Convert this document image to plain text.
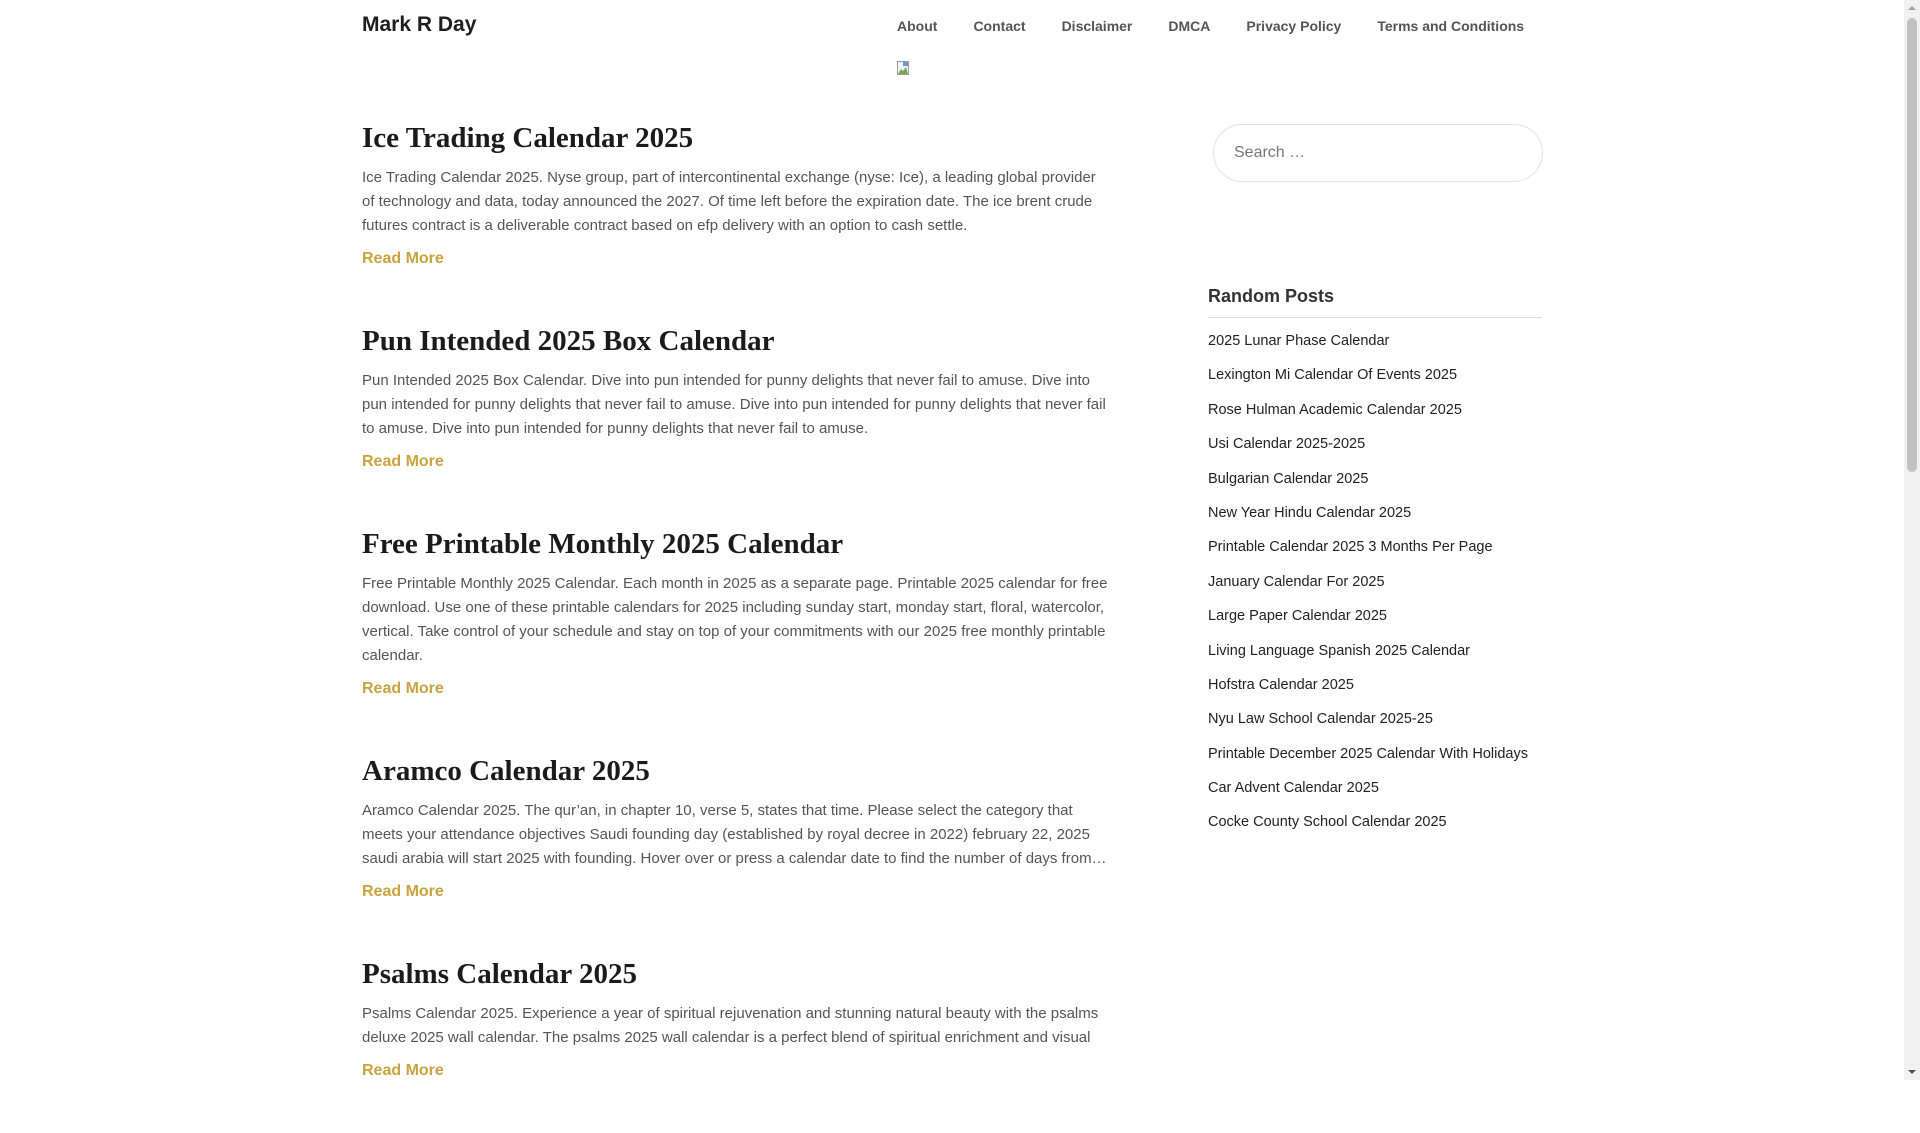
Mark R Day	About	Contact	Disclaimer	DMCA	Privacy Policy	Terms and Conditions
Ice Trading Calendar 2025

Ice Trading Calendar 2025. Nyse group, part of intercontinental exchange (nyse: Ice), a leading global provider of technology and data, today announced the 2027. Of time left before the expiration date. The ice brent crude futures contract is a deliverable contract based on efp delivery with an option to cash settle.

Read More
Pun Intended 2025 Box Calendar

Pun Intended 2025 Box Calendar. Dive into pun intended for punny delights that never fail to amuse. Dive into pun intended for punny delights that never fail to amuse. Dive into pun intended for punny delights that never fail to amuse. Dive into pun intended for punny delights that never fail to amuse.

Read More
Free Printable Monthly 2025 Calendar

Free Printable Monthly 2025 Calendar. Each month in 2025 as a separate page. Printable 2025 calendar for free download. Use one of these printable calendars for 2025 including sunday start, monday start, floral, watercolor, vertical. Take control of your schedule and stay on top of your commitments with our 2025 free monthly printable calendar.

Read More
Aramco Calendar 2025

Aramco Calendar 2025. The qur’an, in chapter 10, verse 5, states that time. Please select the category that meets your attendance objectives Saudi founding day (established by royal decree in 2022) february 22, 2025 saudi arabia will start 2025 with founding. Hover over or press a calendar date to find the number of days from…

Read More
Psalms Calendar 2025

Psalms Calendar 2025. Experience a year of spiritual rejuvenation and stunning natural beauty with the psalms deluxe 2025 wall calendar. The psalms 2025 wall calendar is a perfect blend of spiritual enrichment and visual

Read More
Search …
Random Posts
2025 Lunar Phase Calendar
Lexington Mi Calendar Of Events 2025
Rose Hulman Academic Calendar 2025
Usi Calendar 2025-2025
Bulgarian Calendar 2025
New Year Hindu Calendar 2025
Printable Calendar 2025 3 Months Per Page
January Calendar For 2025
Large Paper Calendar 2025
Living Language Spanish 2025 Calendar
Hofstra Calendar 2025
Nyu Law School Calendar 2025-25
Printable December 2025 Calendar With Holidays
Car Advent Calendar 2025
Cocke County School Calendar 2025
